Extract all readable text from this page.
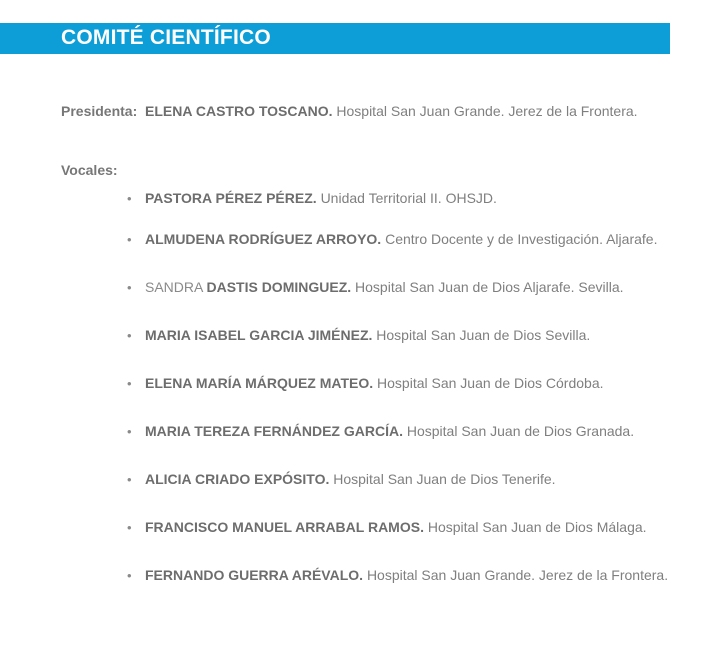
COMITÉ CIENTÍFICO
Presidenta: ELENA CASTRO TOSCANO. Hospital San Juan Grande. Jerez de la Frontera.
Vocales:
• PASTORA PÉREZ PÉREZ. Unidad Territorial II. OHSJD.
• ALMUDENA RODRÍGUEZ ARROYO. Centro Docente y de Investigación. Aljarafe.
• SANDRA DASTIS DOMINGUEZ. Hospital San Juan de Dios Aljarafe. Sevilla.
• MARIA ISABEL GARCIA JIMÉNEZ. Hospital San Juan de Dios Sevilla.
• ELENA MARÍA MÁRQUEZ MATEO. Hospital San Juan de Dios Córdoba.
• MARIA TEREZA FERNÁNDEZ GARCÍA. Hospital San Juan de Dios Granada.
• ALICIA CRIADO EXPÓSITO. Hospital San Juan de Dios Tenerife.
• FRANCISCO MANUEL ARRABAL RAMOS. Hospital San Juan de Dios Málaga.
• FERNANDO GUERRA ARÉVALO. Hospital San Juan Grande. Jerez de la Frontera.
